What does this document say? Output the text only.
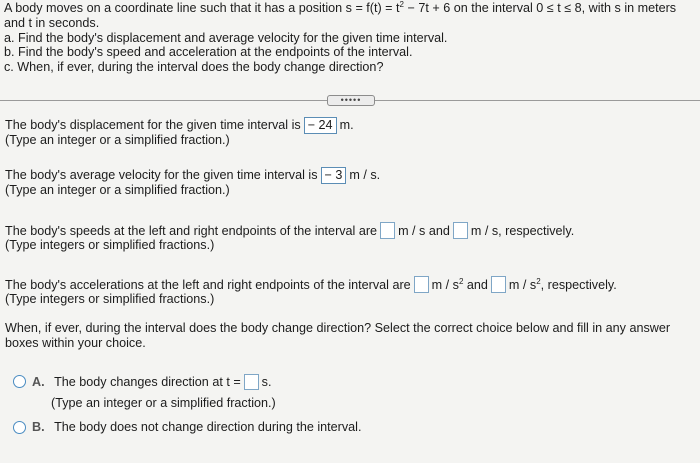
A body moves on a coordinate line such that it has a position $s = f(t) = t^2 - 7t + 6$ on the interval 0 ≤ t ≤ 8, with s in meters
and t in seconds.
a. Find the body's displacement and average velocity for the given time interval.
b. Find the body's speed and acceleration at the endpoints of the interval.
c. When, if ever, during the interval does the body change direction?
•••••
The body's displacement for the given time interval is − 24 m.
(Type an integer or a simplified fraction.)
The body's average velocity for the given time interval is − 3 m / s.
(Type an integer or a simplified fraction.)
The body's speeds at the left and right endpoints of the interval are m / s and m / s, respectively.
(Type integers or simplified fractions.)
The body's accelerations at the left and right endpoints of the interval are m / $s^2$ and m / $s^2$, respectively.
(Type integers or simplified fractions.)
When, if ever, during the interval does the body change direction? Select the correct choice below and fill in any answer
boxes within your choice.
A. The body changes direction at t = s.
(Type an integer or a simplified fraction.)
B. The body does not change direction during the interval.
